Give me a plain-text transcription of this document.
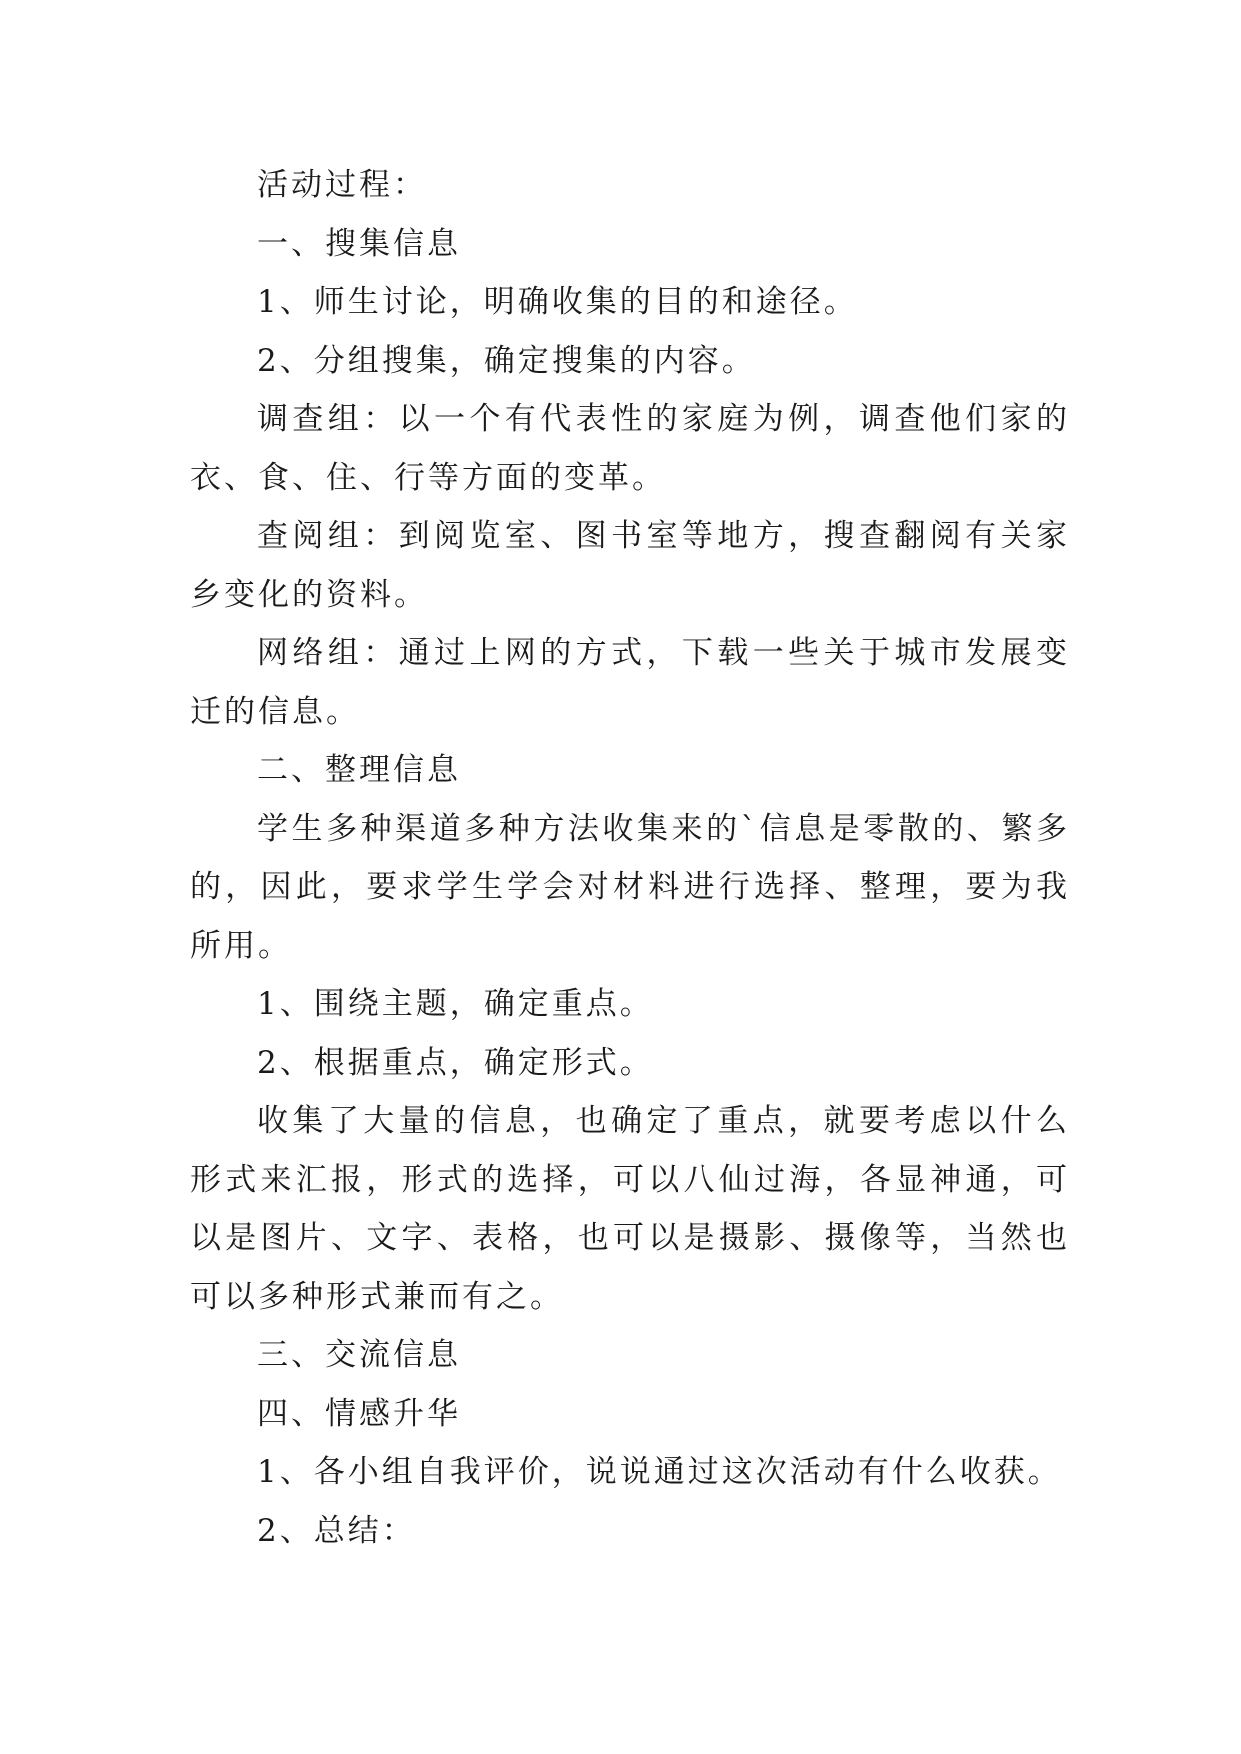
活动过程：

一、搜集信息

1、师生讨论，明确收集的目的和途径。

2、分组搜集，确定搜集的内容。

调查组：以一个有代表性的家庭为例，调查他们家的衣、食、住、行等方面的变革。

查阅组：到阅览室、图书室等地方，搜查翻阅有关家乡变化的资料。

网络组：通过上网的方式，下载一些关于城市发展变迁的信息。

二、整理信息

学生多种渠道多种方法收集来的`信息是零散的、繁多的，因此，要求学生学会对材料进行选择、整理，要为我所用。

1、围绕主题，确定重点。

2、根据重点，确定形式。

收集了大量的信息，也确定了重点，就要考虑以什么形式来汇报，形式的选择，可以八仙过海，各显神通，可以是图片、文字、表格，也可以是摄影、摄像等，当然也可以多种形式兼而有之。

三、交流信息

四、情感升华

1、各小组自我评价，说说通过这次活动有什么收获。

2、总结：
